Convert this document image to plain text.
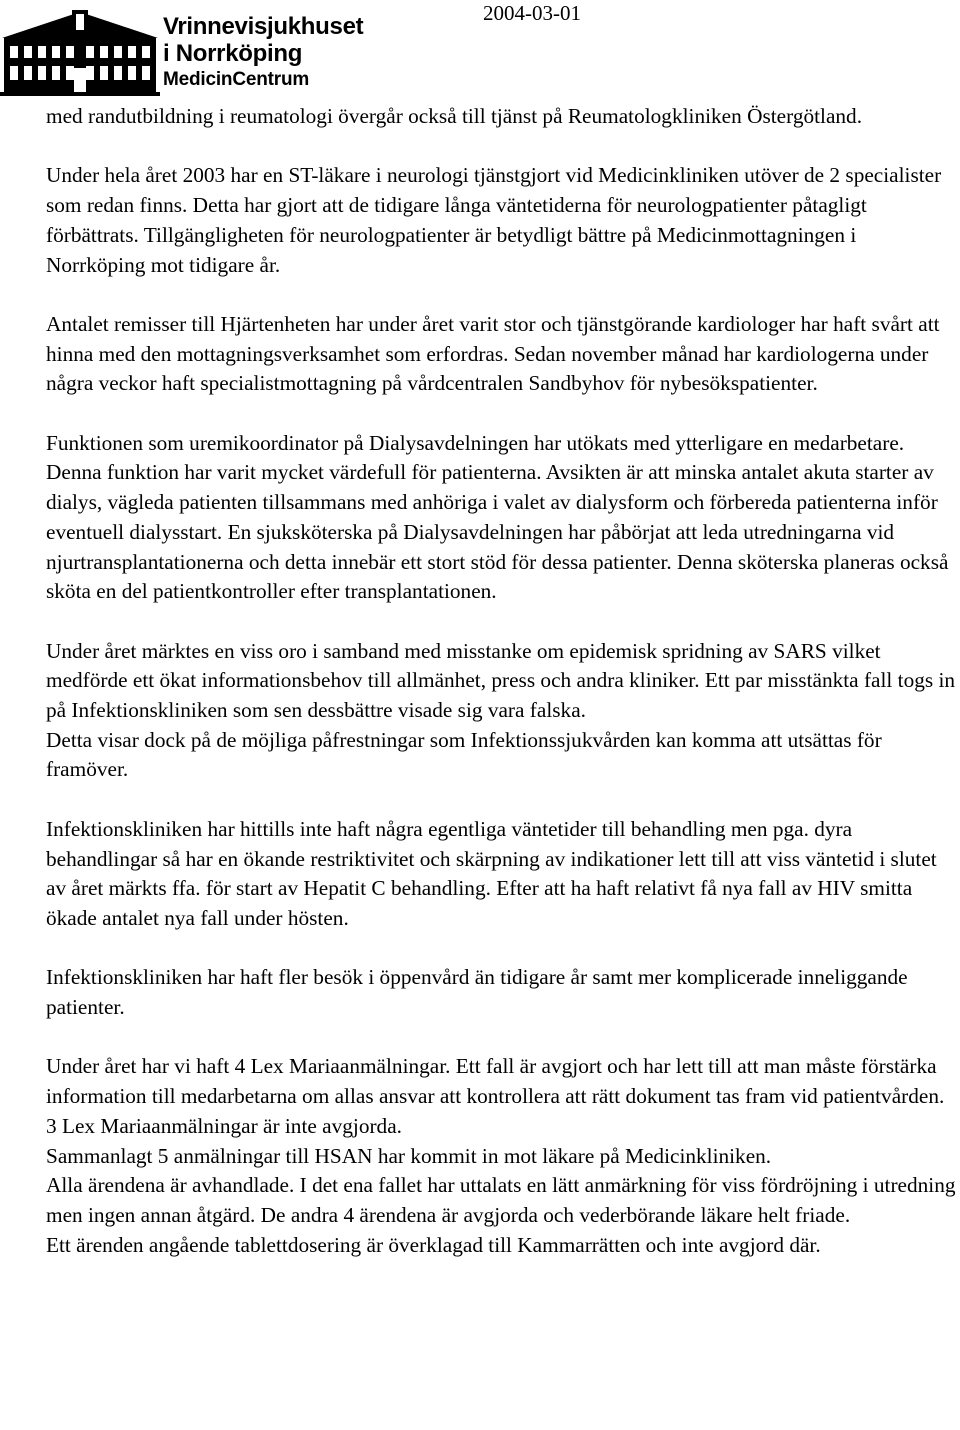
2004-03-01
Vrinnevisjukhuset
i Norrköping
MedicinCentrum

med randutbildning i reumatologi övergår också till tjänst på Reumatologkliniken Östergötland.

Under hela året 2003 har en ST-läkare i neurologi tjänstgjort vid Medicinkliniken utöver de 2 specialister som redan finns. Detta har gjort att de tidigare långa väntetiderna för neurologpatienter påtagligt förbättrats. Tillgängligheten för neurologpatienter är betydligt bättre på Medicinmottagningen i Norrköping mot tidigare år.

Antalet remisser till Hjärtenheten har under året varit stor och tjänstgörande kardiologer har haft svårt att hinna med den mottagningsverksamhet som erfordras. Sedan november månad har kardiologerna under några veckor haft specialistmottagning på vårdcentralen Sandbyhov för nybesökspatienter.

Funktionen som uremikoordinator på Dialysavdelningen har utökats med ytterligare en medarbetare. Denna funktion har varit mycket värdefull för patienterna. Avsikten är att minska antalet akuta starter av dialys, vägleda patienten tillsammans med anhöriga i valet av dialysform och förbereda patienterna inför eventuell dialysstart. En sjuksköterska på Dialysavdelningen har påbörjat att leda utredningarna vid njurtransplantationerna och detta innebär ett stort stöd för dessa patienter. Denna sköterska planeras också sköta en del patientkontroller efter transplantationen.

Under året märktes en viss oro i samband med misstanke om epidemisk spridning av SARS vilket medförde ett ökat informationsbehov till allmänhet, press och andra kliniker. Ett par misstänkta fall togs in på Infektionskliniken som sen dessbättre visade sig vara falska.

Detta visar dock på de möjliga påfrestningar som Infektionssjukvården kan komma att utsättas för framöver.

Infektionskliniken har hittills inte haft några egentliga väntetider till behandling men pga. dyra behandlingar så har en ökande restriktivitet och skärpning av indikationer lett till att viss väntetid i slutet av året märkts ffa. för start av Hepatit C behandling. Efter att ha haft relativt få nya fall av HIV smitta ökade antalet nya fall under hösten.

Infektionskliniken har haft fler besök i öppenvård än tidigare år samt mer komplicerade inneliggande patienter.

Under året har vi haft 4 Lex Mariaanmälningar. Ett fall är avgjort och har lett till att man måste förstärka information till medarbetarna om allas ansvar att kontrollera att rätt dokument tas fram vid patientvården. 3 Lex Mariaanmälningar är inte avgjorda.

Sammanlagt 5 anmälningar till HSAN har kommit in mot läkare på Medicinkliniken.

Alla ärendena är avhandlade. I det ena fallet har uttalats en lätt anmärkning för viss fördröjning i utredning men ingen annan åtgärd. De andra 4 ärendena är avgjorda och vederbörande läkare helt friade.

Ett ärenden angående tablettdosering är överklagad till Kammarrätten och inte avgjord där.
